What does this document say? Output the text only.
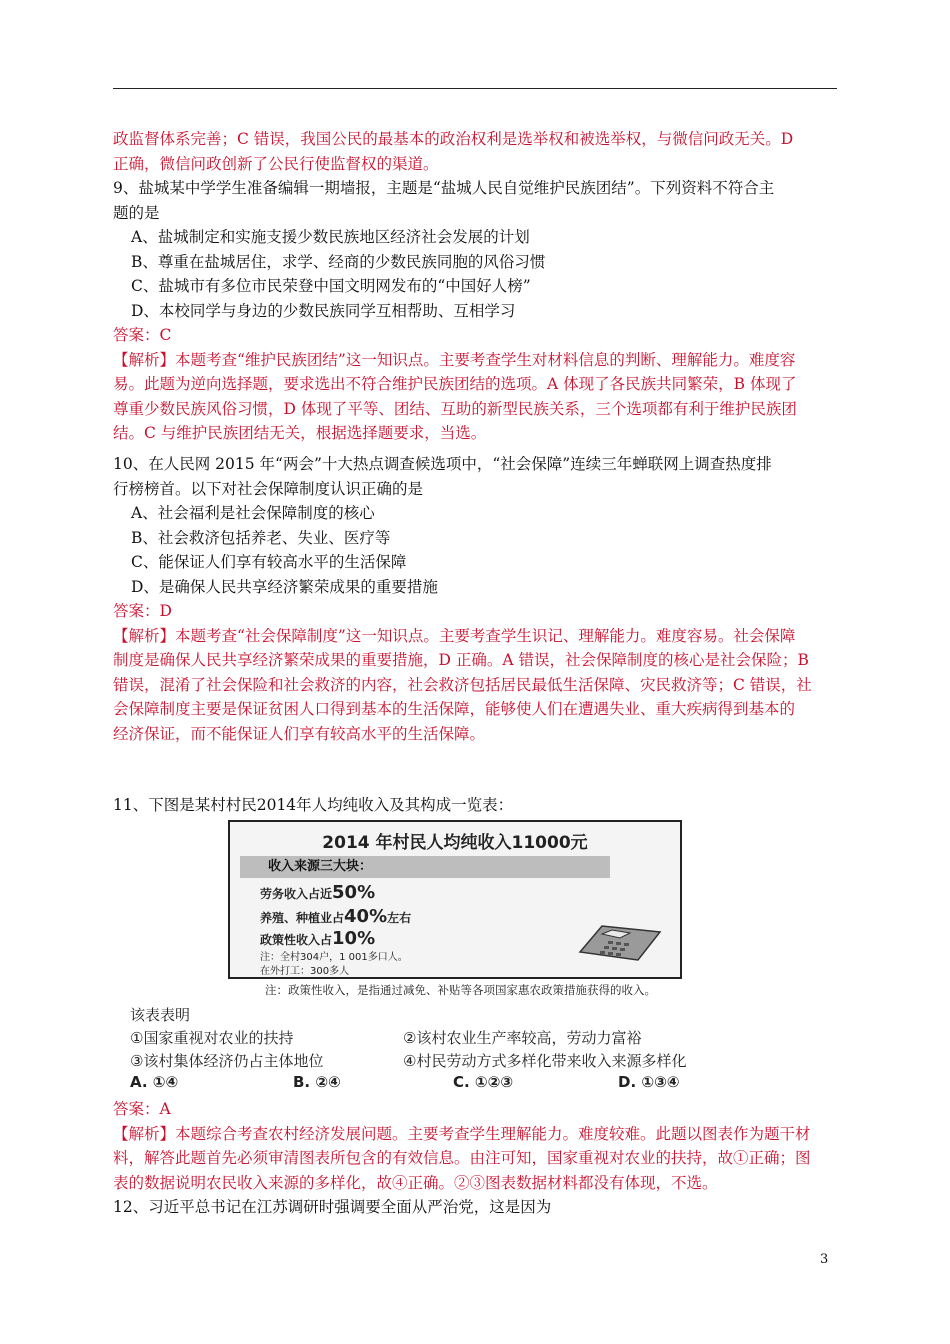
政监督体系完善；C 错误，我国公民的最基本的政治权利是选举权和被选举权，与微信问政无关。D
正确，微信问政创新了公民行使监督权的渠道。
9、盐城某中学学生准备编辑一期墙报，主题是“盐城人民自觉维护民族团结”。下列资料不符合主
题的是
A、盐城制定和实施支援少数民族地区经济社会发展的计划
B、尊重在盐城居住，求学、经商的少数民族同胞的风俗习惯
C、盐城市有多位市民荣登中国文明网发布的“中国好人榜”
D、本校同学与身边的少数民族同学互相帮助、互相学习
答案：C
【解析】本题考查“维护民族团结”这一知识点。主要考查学生对材料信息的判断、理解能力。难度容
易。此题为逆向选择题，要求选出不符合维护民族团结的选项。A 体现了各民族共同繁荣，B 体现了
尊重少数民族风俗习惯，D 体现了平等、团结、互助的新型民族关系，三个选项都有利于维护民族团
结。C 与维护民族团结无关，根据选择题要求，当选。
10、在人民网 2015 年“两会”十大热点调查候选项中，“社会保障”连续三年蝉联网上调查热度排
行榜榜首。以下对社会保障制度认识正确的是
A、社会福利是社会保障制度的核心
B、社会救济包括养老、失业、医疗等
C、能保证人们享有较高水平的生活保障
D、是确保人民共享经济繁荣成果的重要措施
答案：D
【解析】本题考查“社会保障制度”这一知识点。主要考查学生识记、理解能力。难度容易。社会保障
制度是确保人民共享经济繁荣成果的重要措施，D 正确。A 错误，社会保障制度的核心是社会保险；B
错误，混淆了社会保险和社会救济的内容，社会救济包括居民最低生活保障、灾民救济等；C 错误，社
会保障制度主要是保证贫困人口得到基本的生活保障，能够使人们在遭遇失业、重大疾病得到基本的
经济保证，而不能保证人们享有较高水平的生活保障。
11、下图是某村村民2014年人均纯收入及其构成一览表：
2014 年村民人均纯收入11000元
收入来源三大块：
劳务收入占近50%
养殖、种植业占40%左右
政策性收入占10%
注：全村304户，1 001多口人。
在外打工：300多人
注：政策性收入，是指通过减免、补贴等各项国家惠农政策措施获得的收入。
该表表明
①国家重视对农业的扶持	②该村农业生产率较高，劳动力富裕
③该村集体经济仍占主体地位	④村民劳动方式多样化带来收入来源多样化
A. ①④	B. ②④	C. ①②③	D. ①③④
答案：A
【解析】本题综合考查农村经济发展问题。主要考查学生理解能力。难度较难。此题以图表作为题干材
料，解答此题首先必须审清图表所包含的有效信息。由注可知，国家重视对农业的扶持，故①正确；图
表的数据说明农民收入来源的多样化，故④正确。②③图表数据材料都没有体现，不选。
12、习近平总书记在江苏调研时强调要全面从严治党，这是因为
3
